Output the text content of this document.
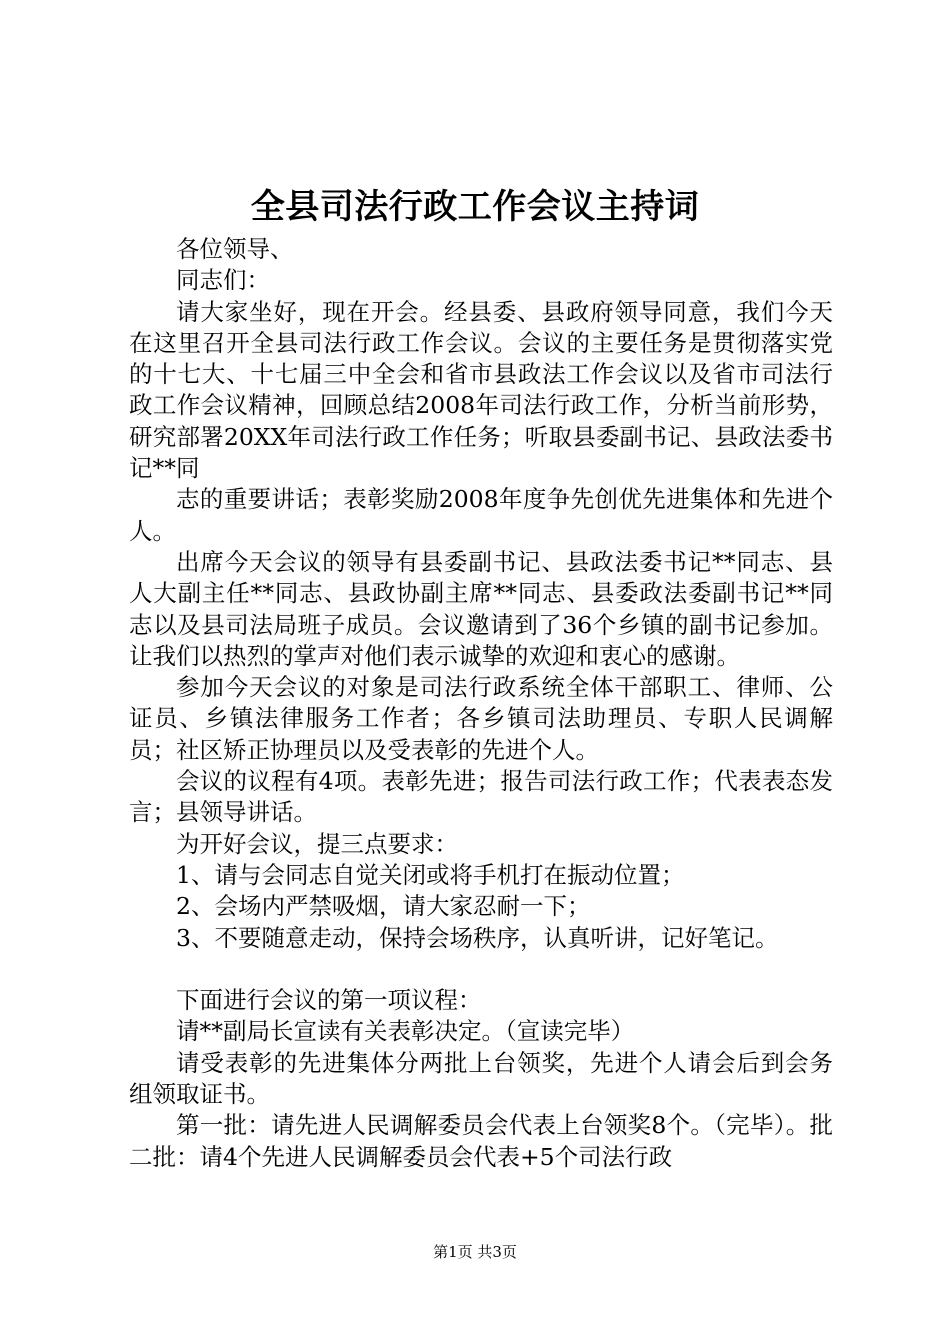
全县司法行政工作会议主持词

各位领导、

同志们：

请大家坐好，现在开会。经县委、县政府领导同意，我们今天在这里召开全县司法行政工作会议。会议的主要任务是贯彻落实党的十七大、十七届三中全会和省市县政法工作会议以及省市司法行政工作会议精神，回顾总结2008年司法行政工作，分析当前形势，研究部署20XX年司法行政工作任务；听取县委副书记、县政法委书记**同

志的重要讲话；表彰奖励2008年度争先创优先进集体和先进个人。

出席今天会议的领导有县委副书记、县政法委书记**同志、县人大副主任**同志、县政协副主席**同志、县委政法委副书记**同志以及县司法局班子成员。会议邀请到了36个乡镇的副书记参加。让我们以热烈的掌声对他们表示诚挚的欢迎和衷心的感谢。

参加今天会议的对象是司法行政系统全体干部职工、律师、公证员、乡镇法律服务工作者；各乡镇司法助理员、专职人民调解员；社区矫正协理员以及受表彰的先进个人。

会议的议程有4项。表彰先进；报告司法行政工作；代表表态发言；县领导讲话。

为开好会议，提三点要求：

1、请与会同志自觉关闭或将手机打在振动位置；

2、会场内严禁吸烟，请大家忍耐一下；

3、不要随意走动，保持会场秩序，认真听讲，记好笔记。

下面进行会议的第一项议程：

请**副局长宣读有关表彰决定。（宣读完毕）

请受表彰的先进集体分两批上台领奖，先进个人请会后到会务组领取证书。

第一批：请先进人民调解委员会代表上台领奖8个。（完毕）。批二批：请4个先进人民调解委员会代表+5个司法行政

第1页 共3页
